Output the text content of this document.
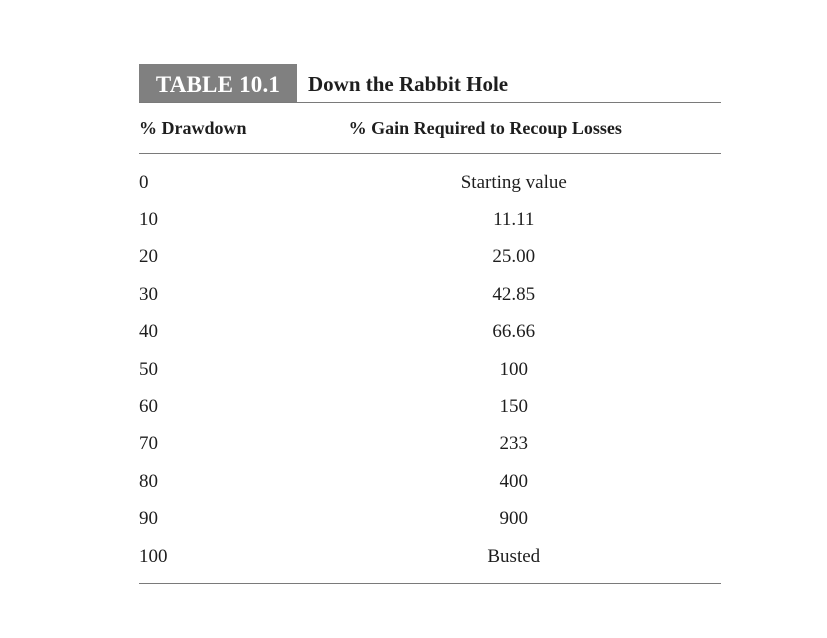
TABLE 10.1	Down the Rabbit Hole
% Drawdown	% Gain Required to Recoup Losses
0	Starting value
10	11.11
20	25.00
30	42.85
40	66.66
50	100
60	150
70	233
80	400
90	900
100	Busted
